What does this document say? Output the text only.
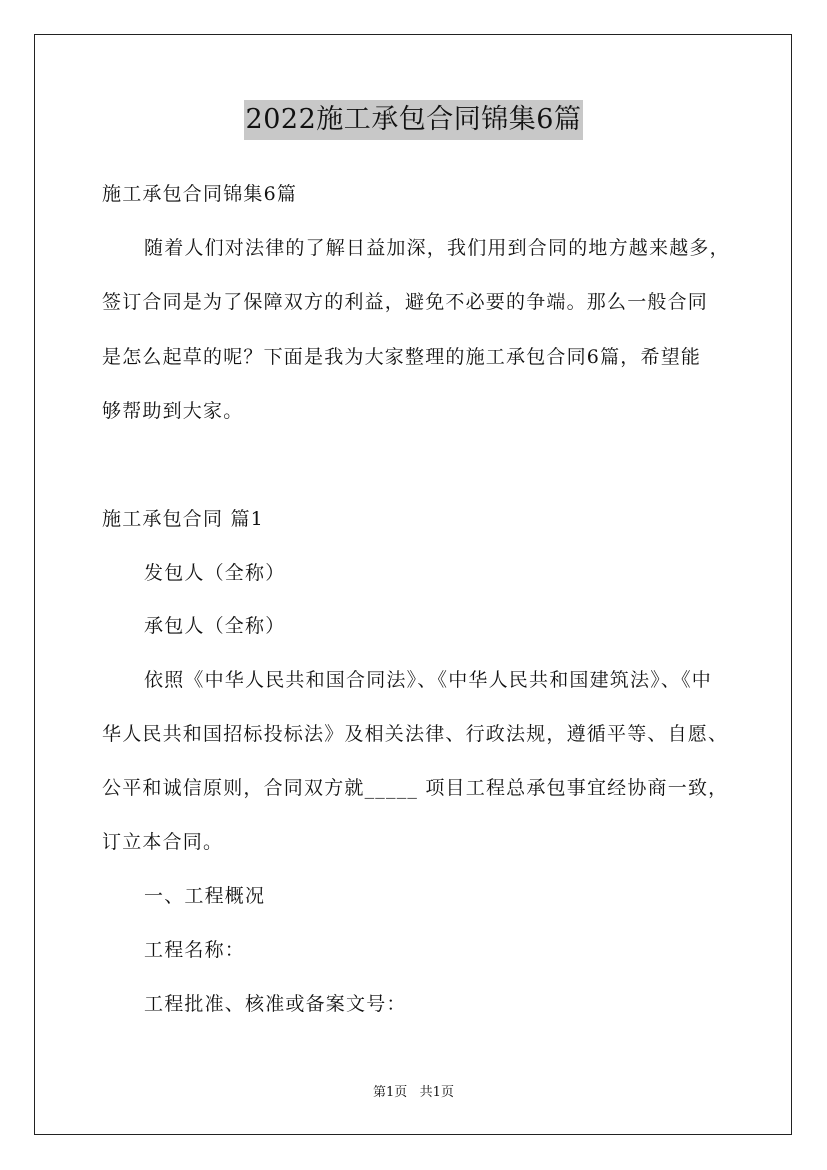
2022施工承包合同锦集6篇
施工承包合同锦集6篇
随着人们对法律的了解日益加深，我们用到合同的地方越来越多，
签订合同是为了保障双方的利益，避免不必要的争端。那么一般合同
是怎么起草的呢？下面是我为大家整理的施工承包合同6篇，希望能
够帮助到大家。
施工承包合同 篇1
发包人（全称）
承包人（全称）
依照《中华人民共和国合同法》、《中华人民共和国建筑法》、《中
华人民共和国招标投标法》及相关法律、行政法规，遵循平等、自愿、
公平和诚信原则，合同双方就_____ 项目工程总承包事宜经协商一致，
订立本合同。
一、工程概况
工程名称：
工程批准、核准或备案文号：
第1页   共1页
